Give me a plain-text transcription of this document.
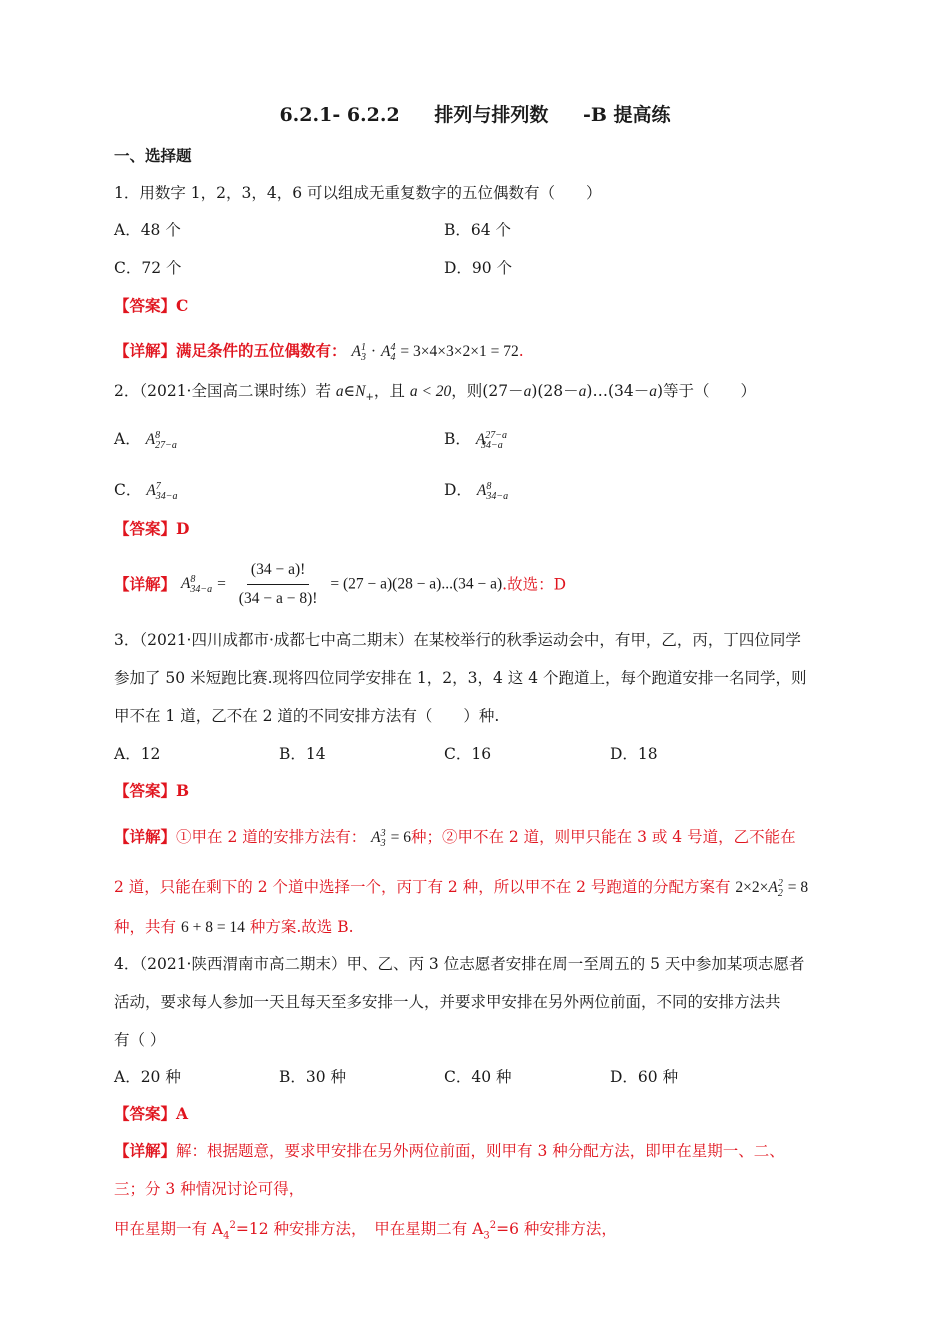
6.2.1- 6.2.2 排列与排列数 -B 提高练
一、选择题
1．用数字 1，2，3，4，6 可以组成无重复数字的五位偶数有（　　）
A．48 个	B．64 个
C．72 个	D．90 个
【答案】C
【详解】满足条件的五位偶数有： $A^1_3 \cdot A^4_4 = 3\times 4\times 3\times 2\times 1 = 72$.
2．（2021·全国高二课时练）若 $a\in N_+$，且 a < 20，则(27－a)(28－a)…(34－a)等于（　　）
A． $A^8_{27-a}$	B． $A^{27-a}_{34-a}$
C． $A^7_{34-a}$	D． $A^8_{34-a}$
【答案】D
【详解】 $A^8_{34-a} = \frac{(34 - a)!}{(34 - a - 8)!} = (27 - a)(28 - a)...(34 - a)$.故选：D
3．（2021·四川成都市·成都七中高二期末）在某校举行的秋季运动会中，有甲，乙，丙，丁四位同学
参加了 50 米短跑比赛.现将四位同学安排在 1，2，3，4 这 4 个跑道上，每个跑道安排一名同学，则
甲不在 1 道，乙不在 2 道的不同安排方法有（　　）种.
A．12	B．14	C．16	D．18
【答案】B
【详解】①甲在 2 道的安排方法有： $A^3_3 = 6$种；②甲不在 2 道，则甲只能在 3 或 4 号道，乙不能在
2 道，只能在剩下的 2 个道中选择一个，丙丁有 2 种，所以甲不在 2 号跑道的分配方案有 $2\times 2\times A^2_2 = 8$
种，共有 6 + 8 = 14 种方案.故选 B.
4．（2021·陕西渭南市高二期末）甲、乙、丙 3 位志愿者安排在周一至周五的 5 天中参加某项志愿者
活动，要求每人参加一天且每天至多安排一人，并要求甲安排在另外两位前面，不同的安排方法共
有（ ）
A．20 种	B．30 种	C．40 种	D．60 种
【答案】A
【详解】解：根据题意，要求甲安排在另外两位前面，则甲有 3 种分配方法，即甲在星期一、二、
三；分 3 种情况讨论可得，
甲在星期一有 $A_4^2=12$ 种安排方法，　甲在星期二有 $A_3^2=6$ 种安排方法，
